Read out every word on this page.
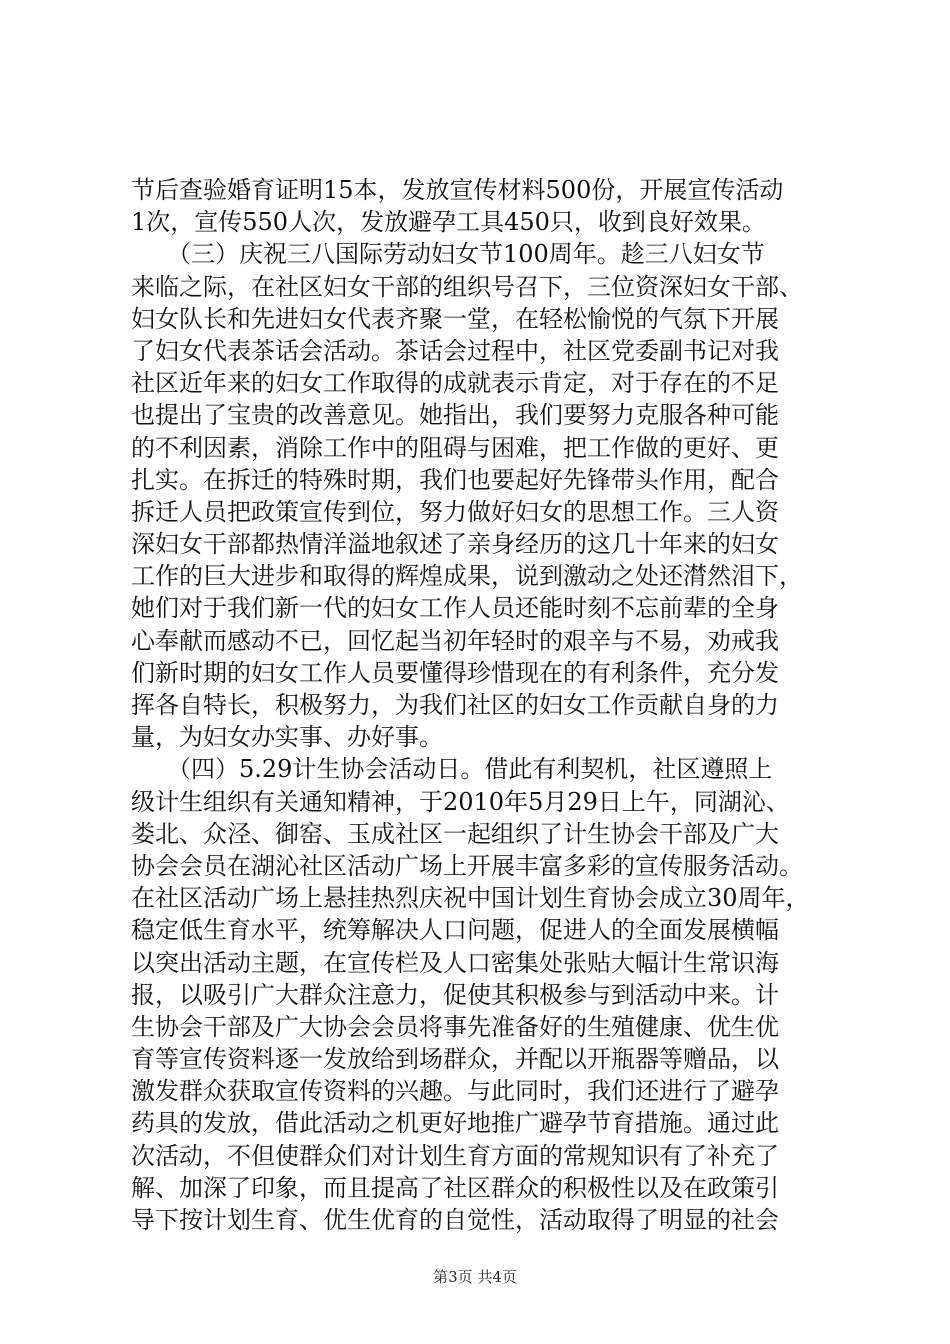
节后查验婚育证明15本，发放宣传材料500份，开展宣传活动
1次，宣传550人次，发放避孕工具450只，收到良好效果。
　　（三）庆祝三八国际劳动妇女节100周年。趁三八妇女节
来临之际，在社区妇女干部的组织号召下，三位资深妇女干部、
妇女队长和先进妇女代表齐聚一堂，在轻松愉悦的气氛下开展
了妇女代表茶话会活动。茶话会过程中，社区党委副书记对我
社区近年来的妇女工作取得的成就表示肯定，对于存在的不足
也提出了宝贵的改善意见。她指出，我们要努力克服各种可能
的不利因素，消除工作中的阻碍与困难，把工作做的更好、更
扎实。在拆迁的特殊时期，我们也要起好先锋带头作用，配合
拆迁人员把政策宣传到位，努力做好妇女的思想工作。三人资
深妇女干部都热情洋溢地叙述了亲身经历的这几十年来的妇女
工作的巨大进步和取得的辉煌成果，说到激动之处还潸然泪下，
她们对于我们新一代的妇女工作人员还能时刻不忘前辈的全身
心奉献而感动不已，回忆起当初年轻时的艰辛与不易，劝戒我
们新时期的妇女工作人员要懂得珍惜现在的有利条件，充分发
挥各自特长，积极努力，为我们社区的妇女工作贡献自身的力
量，为妇女办实事、办好事。
　　（四）5.29计生协会活动日。借此有利契机，社区遵照上
级计生组织有关通知精神，于2010年5月29日上午，同湖沁、
娄北、众泾、御窑、玉成社区一起组织了计生协会干部及广大
协会会员在湖沁社区活动广场上开展丰富多彩的宣传服务活动。
在社区活动广场上悬挂热烈庆祝中国计划生育协会成立30周年，
稳定低生育水平，统筹解决人口问题，促进人的全面发展横幅
以突出活动主题，在宣传栏及人口密集处张贴大幅计生常识海
报，以吸引广大群众注意力，促使其积极参与到活动中来。计
生协会干部及广大协会会员将事先准备好的生殖健康、优生优
育等宣传资料逐一发放给到场群众，并配以开瓶器等赠品，以
激发群众获取宣传资料的兴趣。与此同时，我们还进行了避孕
药具的发放，借此活动之机更好地推广避孕节育措施。通过此
次活动，不但使群众们对计划生育方面的常规知识有了补充了
解、加深了印象，而且提高了社区群众的积极性以及在政策引
导下按计划生育、优生优育的自觉性，活动取得了明显的社会
第3页 共4页
